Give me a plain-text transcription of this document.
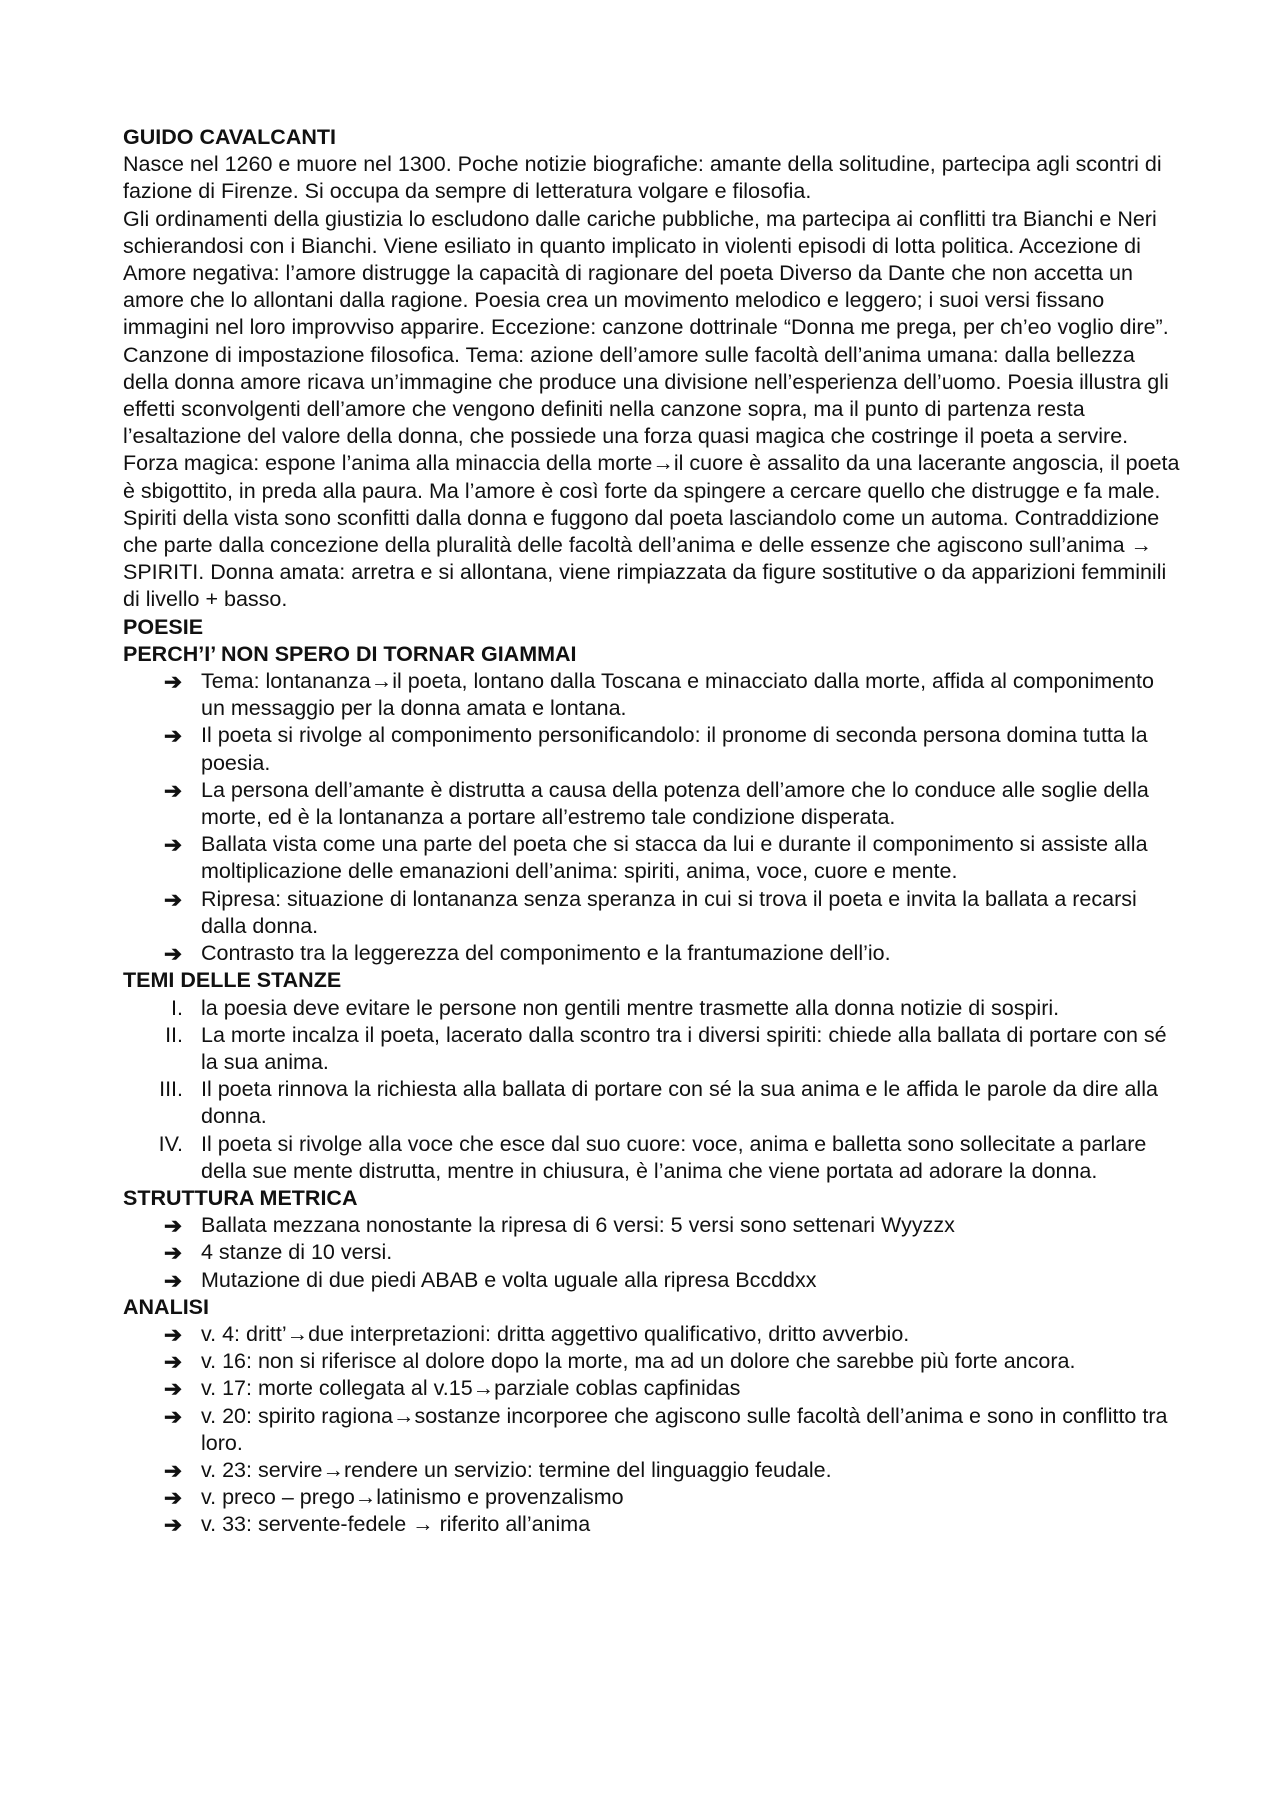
GUIDO CAVALCANTI

Nasce nel 1260 e muore nel 1300. Poche notizie biografiche: amante della solitudine, partecipa agli scontri di fazione di Firenze. Si occupa da sempre di letteratura volgare e filosofia.

Gli ordinamenti della giustizia lo escludono dalle cariche pubbliche, ma partecipa ai conflitti tra Bianchi e Neri schierandosi con i Bianchi. Viene esiliato in quanto implicato in violenti episodi di lotta politica. Accezione di Amore negativa: l’amore distrugge la capacità di ragionare del poeta Diverso da Dante che non accetta un amore che lo allontani dalla ragione. Poesia crea un movimento melodico e leggero; i suoi versi fissano immagini nel loro improvviso apparire. Eccezione: canzone dottrinale “Donna me prega, per ch’eo voglio dire”. Canzone di impostazione filosofica. Tema: azione dell’amore sulle facoltà dell’anima umana: dalla bellezza della donna amore ricava un’immagine che produce una divisione nell’esperienza dell’uomo. Poesia illustra gli effetti sconvolgenti dell’amore che vengono definiti nella canzone sopra, ma il punto di partenza resta l’esaltazione del valore della donna, che possiede una forza quasi magica che costringe il poeta a servire. Forza magica: espone l’anima alla minaccia della morte→il cuore è assalito da una lacerante angoscia, il poeta è sbigottito, in preda alla paura. Ma l’amore è così forte da spingere a cercare quello che distrugge e fa male. Spiriti della vista sono sconfitti dalla donna e fuggono dal poeta lasciandolo come un automa. Contraddizione che parte dalla concezione della pluralità delle facoltà dell’anima e delle essenze che agiscono sull’anima → SPIRITI. Donna amata: arretra e si allontana, viene rimpiazzata da figure sostitutive o da apparizioni femminili di livello + basso.

POESIE

PERCH’I’ NON SPERO DI TORNAR GIAMMAI

➔ Tema: lontananza→il poeta, lontano dalla Toscana e minacciato dalla morte, affida al componimento un messaggio per la donna amata e lontana.
➔ Il poeta si rivolge al componimento personificandolo: il pronome di seconda persona domina tutta la poesia.
➔ La persona dell’amante è distrutta a causa della potenza dell’amore che lo conduce alle soglie della morte, ed è la lontananza a portare all’estremo tale condizione disperata.
➔ Ballata vista come una parte del poeta che si stacca da lui e durante il componimento si assiste alla moltiplicazione delle emanazioni dell’anima: spiriti, anima, voce, cuore e mente.
➔ Ripresa: situazione di lontananza senza speranza in cui si trova il poeta e invita la ballata a recarsi dalla donna.
➔ Contrasto tra la leggerezza del componimento e la frantumazione dell’io.

TEMI DELLE STANZE

I. la poesia deve evitare le persone non gentili mentre trasmette alla donna notizie di sospiri.
II. La morte incalza il poeta, lacerato dalla scontro tra i diversi spiriti: chiede alla ballata di portare con sé la sua anima.
III. Il poeta rinnova la richiesta alla ballata di portare con sé la sua anima e le affida le parole da dire alla donna.
IV. Il poeta si rivolge alla voce che esce dal suo cuore: voce, anima e balletta sono sollecitate a parlare della sue mente distrutta, mentre in chiusura, è l’anima che viene portata ad adorare la donna.

STRUTTURA METRICA

➔ Ballata mezzana nonostante la ripresa di 6 versi: 5 versi sono settenari Wyyzzx
➔ 4 stanze di 10 versi.
➔ Mutazione di due piedi ABAB e volta uguale alla ripresa Bccddxx

ANALISI

➔ v. 4: dritt’→due interpretazioni: dritta aggettivo qualificativo, dritto avverbio.
➔ v. 16: non si riferisce al dolore dopo la morte, ma ad un dolore che sarebbe più forte ancora.
➔ v. 17: morte collegata al v.15→parziale coblas capfinidas
➔ v. 20: spirito ragiona→sostanze incorporee che agiscono sulle facoltà dell’anima e sono in conflitto tra loro.
➔ v. 23: servire→rendere un servizio: termine del linguaggio feudale.
➔ v. preco – prego→latinismo e provenzalismo
➔ v. 33: servente-fedele → riferito all’anima
